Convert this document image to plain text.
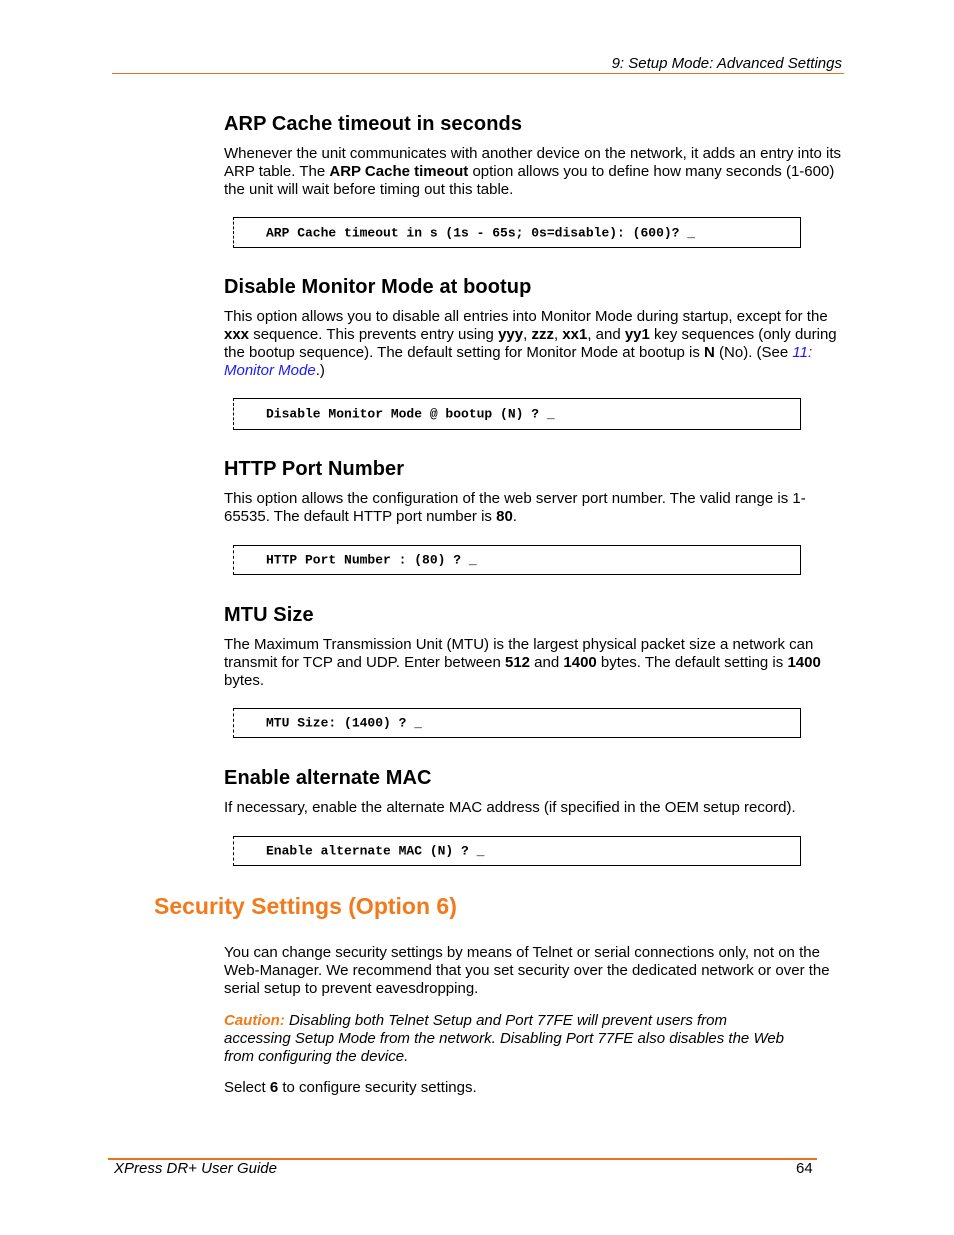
9: Setup Mode: Advanced Settings
ARP Cache timeout in seconds

Whenever the unit communicates with another device on the network, it adds an entry into its ARP table. The ARP Cache timeout option allows you to define how many seconds (1-600) the unit will wait before timing out this table.

ARP Cache timeout in s (1s - 65s; 0s=disable): (600)? _
Disable Monitor Mode at bootup

This option allows you to disable all entries into Monitor Mode during startup, except for the xxx sequence. This prevents entry using yyy, zzz, xx1, and yy1 key sequences (only during the bootup sequence). The default setting for Monitor Mode at bootup is N (No). (See 11: Monitor Mode.)

Disable Monitor Mode @ bootup (N) ? _
HTTP Port Number

This option allows the configuration of the web server port number. The valid range is 1-65535. The default HTTP port number is 80.

HTTP Port Number : (80) ? _
MTU Size

The Maximum Transmission Unit (MTU) is the largest physical packet size a network can transmit for TCP and UDP. Enter between 512 and 1400 bytes. The default setting is 1400 bytes.

MTU Size: (1400) ? _
Enable alternate MAC

If necessary, enable the alternate MAC address (if specified in the OEM setup record).

Enable alternate MAC (N) ? _
Security Settings (Option 6)

You can change security settings by means of Telnet or serial connections only, not on the Web-Manager. We recommend that you set security over the dedicated network or over the serial setup to prevent eavesdropping.

Caution: Disabling both Telnet Setup and Port 77FE will prevent users from accessing Setup Mode from the network. Disabling Port 77FE also disables the Web from configuring the device.

Select 6 to configure security settings.

XPress DR+ User Guide	64
